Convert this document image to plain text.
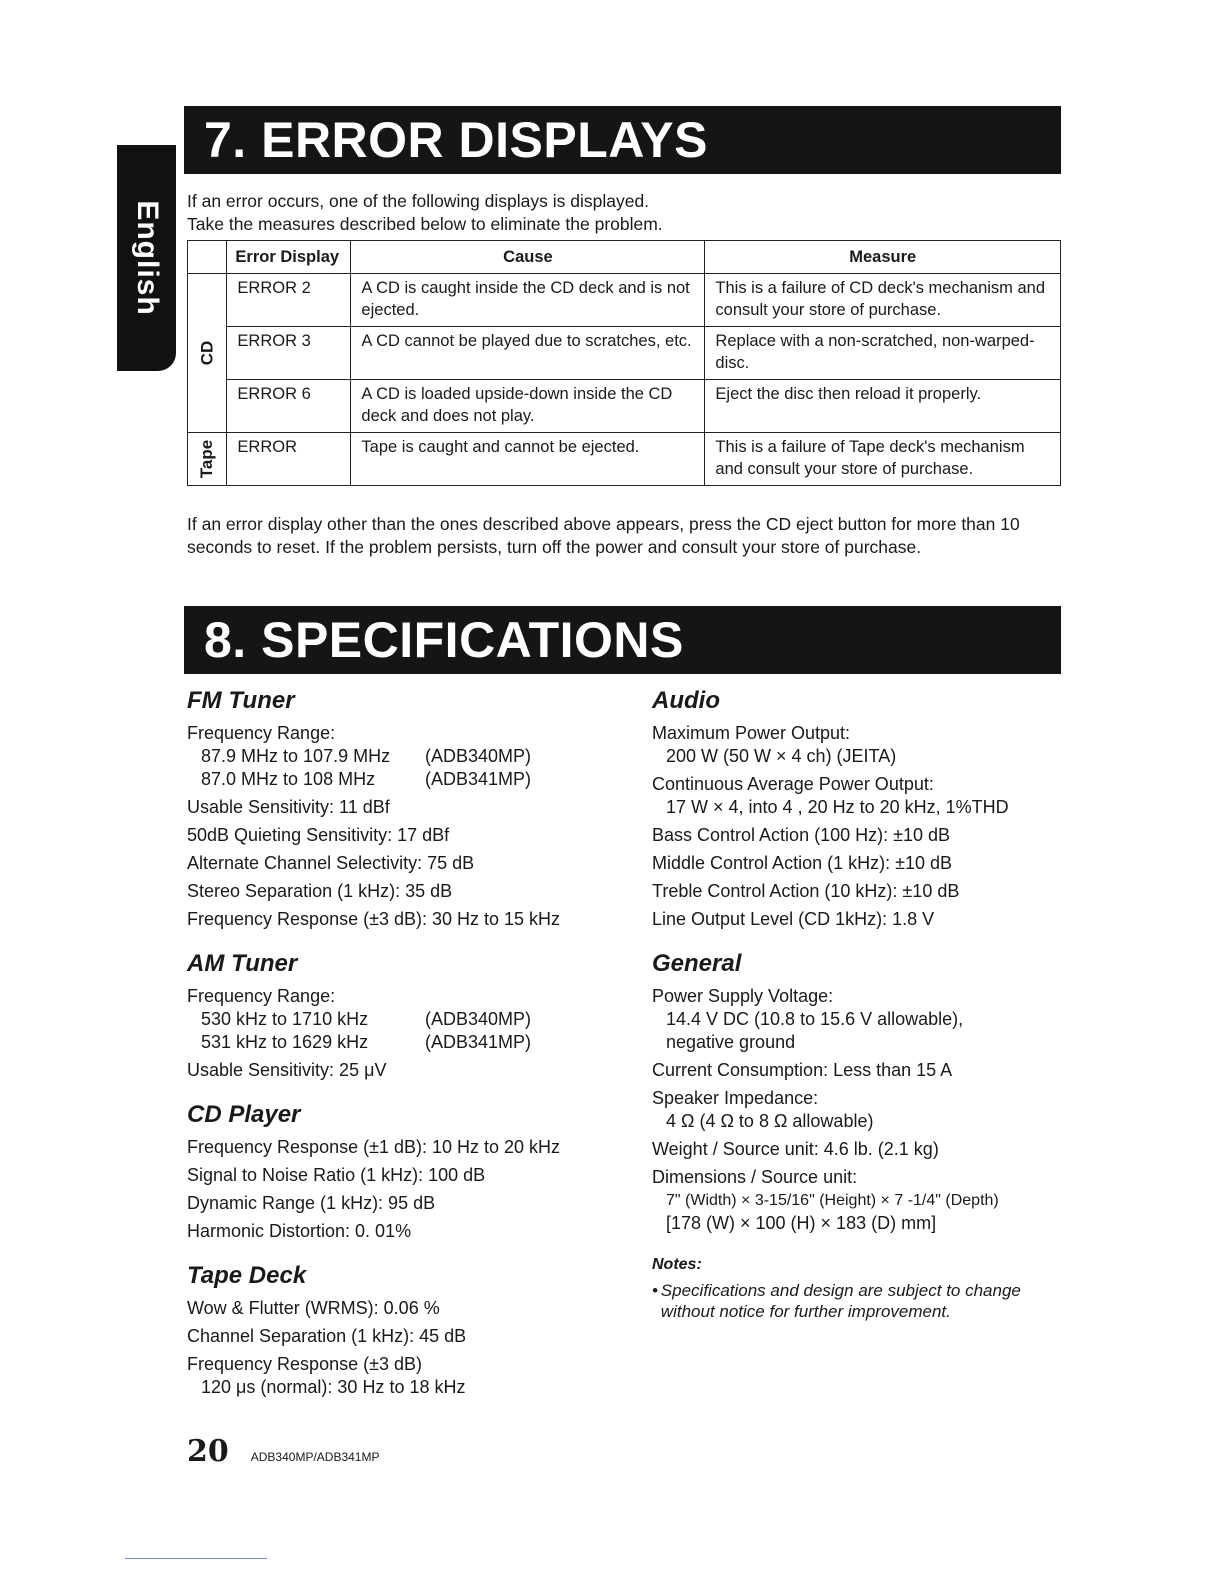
English
7. ERROR DISPLAYS
If an error occurs, one of the following displays is displayed.
Take the measures described below to eliminate the problem.
	Error Display	Cause	Measure
CD	ERROR 2	A CD is caught inside the CD deck and is not ejected.	This is a failure of CD deck's mechanism and consult your store of purchase.
	ERROR 3	A CD cannot be played due to scratches, etc.	Replace with a non-scratched, non-warped-disc.
	ERROR 6	A CD is loaded upside-down inside the CD deck and does not play.	Eject the disc then reload it properly.
Tape	ERROR	Tape is caught and cannot be ejected.	This is a failure of Tape deck's mechanism and consult your store of purchase.
If an error display other than the ones described above appears, press the CD eject button for more than 10 seconds to reset. If the problem persists, turn off the power and consult your store of purchase.
8. SPECIFICATIONS
FM Tuner
Frequency Range:
87.9 MHz to 107.9 MHz	(ADB340MP)
87.0 MHz to 108 MHz	(ADB341MP)
Usable Sensitivity: 11 dBf
50dB Quieting Sensitivity: 17 dBf
Alternate Channel Selectivity: 75 dB
Stereo Separation (1 kHz): 35 dB
Frequency Response (±3 dB): 30 Hz to 15 kHz
AM Tuner
Frequency Range:
530 kHz to 1710 kHz	(ADB340MP)
531 kHz to 1629 kHz	(ADB341MP)
Usable Sensitivity: 25 μV
CD Player
Frequency Response (±1 dB): 10 Hz to 20 kHz
Signal to Noise Ratio (1 kHz): 100 dB
Dynamic Range (1 kHz): 95 dB
Harmonic Distortion: 0. 01%
Tape Deck
Wow & Flutter (WRMS): 0.06 %
Channel Separation (1 kHz): 45 dB
Frequency Response (±3 dB)
120 μs (normal): 30 Hz to 18 kHz
Audio
Maximum Power Output:
200 W (50 W × 4 ch) (JEITA)
Continuous Average Power Output:
17 W × 4, into 4 , 20 Hz to 20 kHz, 1%THD
Bass Control Action (100 Hz): ±10 dB
Middle Control Action (1 kHz): ±10 dB
Treble Control Action (10 kHz): ±10 dB
Line Output Level (CD 1kHz): 1.8 V
General
Power Supply Voltage:
14.4 V DC (10.8 to 15.6 V allowable),
negative ground
Current Consumption: Less than 15 A
Speaker Impedance:
4 Ω (4 Ω to 8 Ω allowable)
Weight / Source unit: 4.6 lb. (2.1 kg)
Dimensions / Source unit:
7" (Width) × 3-15/16" (Height) × 7 -1/4" (Depth)
[178 (W) × 100 (H) × 183 (D) mm]
Notes:
• Specifications and design are subject to change without notice for further improvement.
20 ADB340MP/ADB341MP
